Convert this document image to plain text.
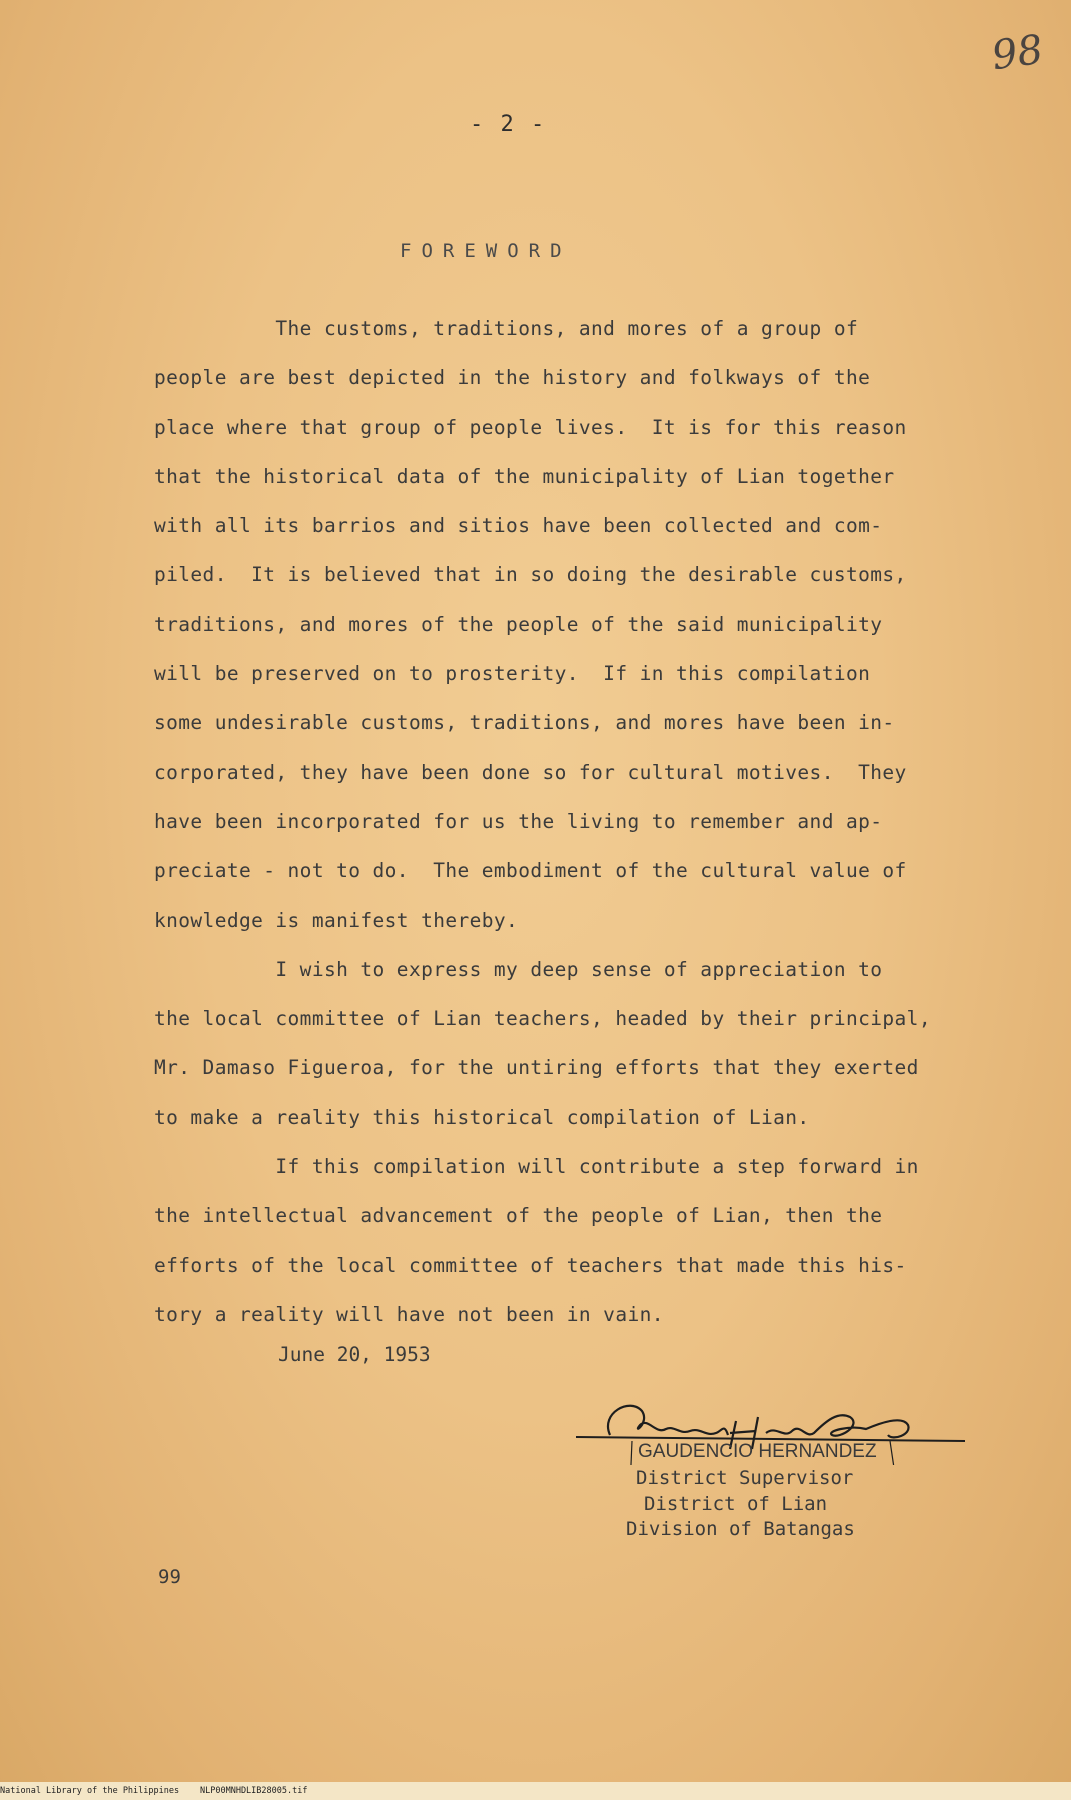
98
- 2 -
FOREWORD
The customs, traditions, and mores of a group of
people are best depicted in the history and folkways of the
place where that group of people lives.  It is for this reason
that the historical data of the municipality of Lian together
with all its barrios and sitios have been collected and com-
piled.  It is believed that in so doing the desirable customs,
traditions, and mores of the people of the said municipality
will be preserved on to prosterity.  If in this compilation
some undesirable customs, traditions, and mores have been in-
corporated, they have been done so for cultural motives.  They
have been incorporated for us the living to remember and ap-
preciate - not to do.  The embodiment of the cultural value of
knowledge is manifest thereby.
I wish to express my deep sense of appreciation to
the local committee of Lian teachers, headed by their principal,
Mr. Damaso Figueroa, for the untiring efforts that they exerted
to make a reality this historical compilation of Lian.
If this compilation will contribute a step forward in
the intellectual advancement of the people of Lian, then the
efforts of the local committee of teachers that made this his-
tory a reality will have not been in vain.
June 20, 1953
GAUDENCIO HERNANDEZ
District Supervisor
District of Lian
Division of Batangas
99

National Library of the Philippines

NLP00MNHDLIB28005.tif
